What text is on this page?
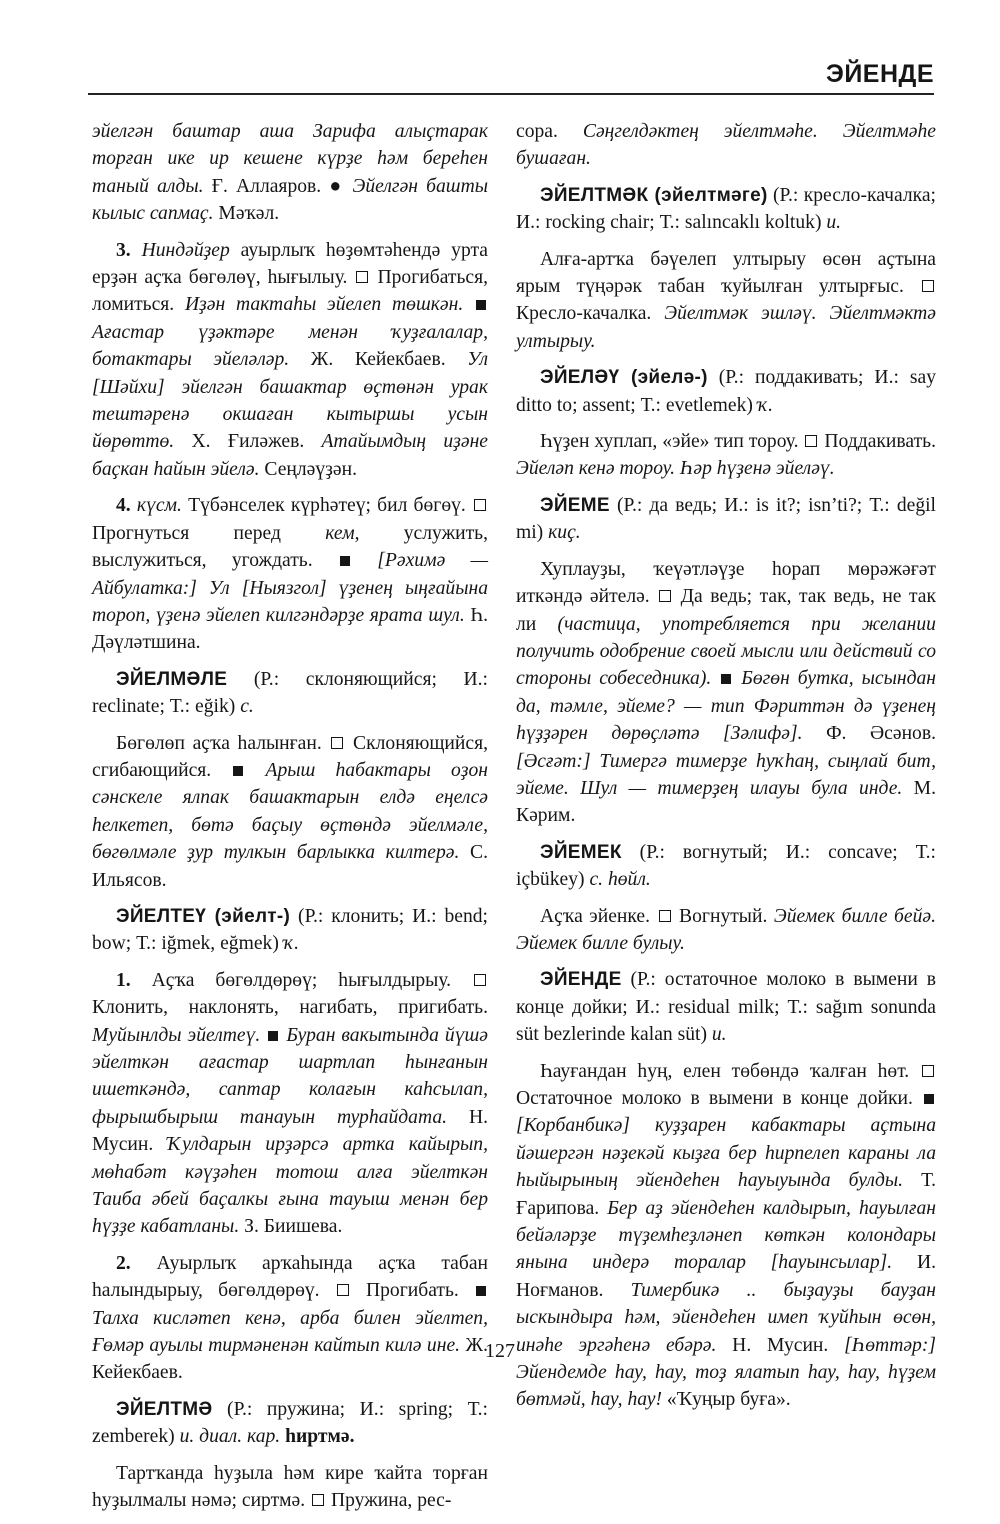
ЭЙЕНДЕ

эйелгән баштар аша Зарифа алыҫтарак торған ике ир кешене күрҙе һәм береһен таный алды. Ғ. Аллаяров. ● Эйелгән башты кылыс сапмаҫ. Мәҡәл.

3. Ниндәйҙер ауырлыҡ һөҙөмтәһендә урта ерҙән аҫҡа бөгөлөү, һығылыу.  Прогибаться, ломиться. Иҙән тактаһы эйелеп төшкән.  Ағастар үҙәктәре менән ҡуҙғалалар, ботактары эйеләләр. Ж. Кейекбаев. Ул [Шәйхи] эйелгән башактар өҫтөнән урак тештәренә окшаған кытыршы усын йөрөттө. Х. Ғиләжев. Атайымдың иҙәне баҫкан һайын эйелә. Сеңләүҙән.

4. күсм. Түбәнселек күрһәтеү; бил бөгөү.  Прогнуться перед кем, услужить, выслужиться, угождать.  [Рәхимә — Айбулатка:] Ул [Ныязгол] үҙенең ыңғайына тороп, үҙенә эйелеп килгәндәрҙе ярата шул. Һ. Дәүләтшина.

ЭЙЕЛМӘЛЕ (Р.: склоняющийся; И.: reclinate; Т.: eğik) с.

Бөгөлөп аҫҡа һалынған.  Склоняющийся, сгибающийся.  Арыш һабактары оҙон сәнскеле ялпак башактарын елдә еңелсә һелкетеп, бөтә баҫыу өҫтөндә эйелмәле, бөгөлмәле ҙур тулкын барлыкка килтерә. С. Ильясов.

ЭЙЕЛТЕҮ (эйелт-) (Р.: клонить; И.: bend; bow; Т.: iğmek, eğmek) ҡ.

1. Аҫҡа бөгөлдөрөү; һығылдырыу.  Клонить, наклонять, нагибать, пригибать. Муйынлды эйелтеү. Буран вакытында йүшә эйелткән ағастар шартлап һынғанын ишеткәндә, саптар колағын каһсылап, фырышбырыш танауын турһайдата. Н. Мусин. Ҡулдарын ирҙәрсә артка кайырып, мөһабәт кәүҙәһен тотош алға эйелткән Таиба әбей баҫалкы ғына тауыш менән бер һүҙҙе кабатланы. З. Биишева.

2. Ауырлыҡ арҡаһында аҫҡа табан һалындырыу, бөгөлдөрөү.  Прогибать.  Талха кисләтеп кенә, арба билен эйелтеп, Ғөмәр ауылы тирмәненән кайтып килә ине. Ж. Кейекбаев.

ЭЙЕЛТМӘ (Р.: пружина; И.: spring; Т.: zemberek) и. диал. кар. һиртмә.

Тартҡанда һуҙыла һәм кире ҡайта торған һуҙылмалы нәмә; сиртмә.  Пружина, рес-

сора. Сәңгелдәктең эйелтмәһе. Эйелтмәһе бушаған.

ЭЙЕЛТМӘК (эйелтмәге) (Р.: кресло-качалка; И.: rocking chair; Т.: salıncaklı koltuk) и.

Алға-артҡа бәүелеп ултырыу өсөн аҫтына ярым түңәрәк табан ҡуйылған ултырғыс.  Кресло-качалка. Эйелтмәк эшләү. Эйелтмәктә ултырыу.

ЭЙЕЛӘҮ (эйелә-) (Р.: поддакивать; И.: say ditto to; assent; Т.: evetlemek) ҡ.

Һүҙен хуплап, «эйе» тип тороу.  Поддакивать. Эйеләп кенә тороу. Һәр һүҙенә эйеләү.

ЭЙЕМЕ (Р.: да ведь; И.: is it?; isn’ti?; Т.: değil mi) киҫ.

Хуплауҙы, ҡеүәтләүҙе һорап мөрәжәғәт иткәндә әйтелә.  Да ведь; так, так ведь, не так ли (частица, употребляется при желании получить одобрение своей мысли или действий со стороны собеседника). Бөгөн бутка, ысындан да, тәмле, эйеме? — тип Фәриттән дә үҙенең һүҙҙәрен дөрөҫләтә [Зәлифә]. Ф. Әсәнов. [Әсғәт:] Тимергә тимерҙе һуҡһаң, сыңлай бит, эйеме. Шул — тимерҙең илауы була инде. М. Кәрим.

ЭЙЕМЕК (Р.: вогнутый; И.: concave; Т.: içbükey) с. һөйл.

Аҫҡа эйенке.  Вогнутый. Эйемек билле бейә. Эйемек билле булыу.

ЭЙЕНДЕ (Р.: остаточное молоко в вымени в конце дойки; И.: residual milk; Т.: sağım sonunda süt bezlerinde kalan süt) и.

Һауғандан һуң, елен төбөндә ҡалған һөт.  Остаточное молоко в вымени в конце дойки.  [Корбанбикә] куҙҙарен кабактары аҫтына йәшергән нәҙекәй кыҙға бер һирпелеп караны ла һыйырының эйендеһен һауыуында булды. Т. Ғарипова. Бер аҙ эйендеһен калдырып, һауылған бейәләрҙе түҙемһеҙләнеп көткән колондары янына индерә торалар [һауынсылар]. И. Ноғманов. Тимербикә .. быҙауҙы бауҙан ыскындыра һәм, эйендеһен имеп ҡуйһын өсөн, инәһе эргәһенә ебәрә. Н. Мусин. [Һөттәр:] Эйендемде һау, һау, тоҙ ялатып һау, һау, һүҙем бөтмәй, һау, һау! «Ҡуңыр буға».

127
